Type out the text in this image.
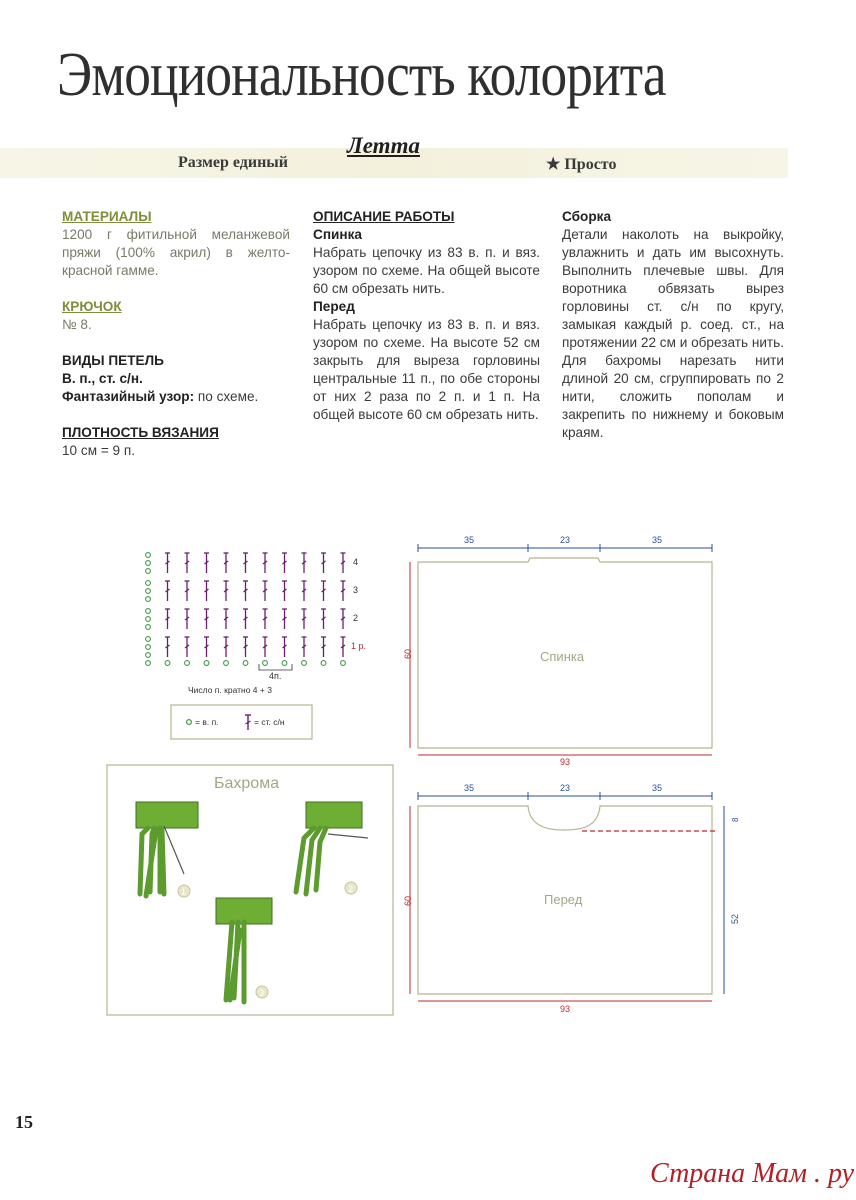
Эмоциональность колорита
Размер единый
Летта
★ Просто
МАТЕРИАЛЫ
1200 г фитильной меланжевой пряжи (100% акрил) в желто-красной гамме.
КРЮЧОК
№ 8.
ВИДЫ ПЕТЕЛЬ
В. п., ст. с/н.
Фантазийный узор: по схеме.
ПЛОТНОСТЬ ВЯЗАНИЯ
10 см = 9 п.
ОПИСАНИЕ РАБОТЫ
Спинка
Набрать цепочку из 83 в. п. и вяз. узором по схеме. На общей высоте 60 см обрезать нить.
Перед
Набрать цепочку из 83 в. п. и вяз. узором по схеме. На высоте 52 см закрыть для выреза горловины центральные 11 п., по обе стороны от них 2 раза по 2 п. и 1 п. На общей высоте 60 см обрезать нить.
Сборка
Детали наколоть на выкройку, увлажнить и дать им высохнуть. Выполнить плечевые швы. Для воротника обвязать вырез горловины ст. с/н по кругу, замыкая каждый р. соед. ст., на протяжении 22 см и обрезать нить.
Для бахромы нарезать нити длиной 20 см, сгруппировать по 2 нити, сложить пополам и закрепить по нижнему и боковым краям.
4
3
2
1 р.
4п.
Число п. кратно 4 + 3
= в. п.	= ст. с/н
Бахрома
1	2
3
35	23	35
60
93
Спинка
35	23	35
8
52
60
93
Перед
15
Страна Мам . ру
